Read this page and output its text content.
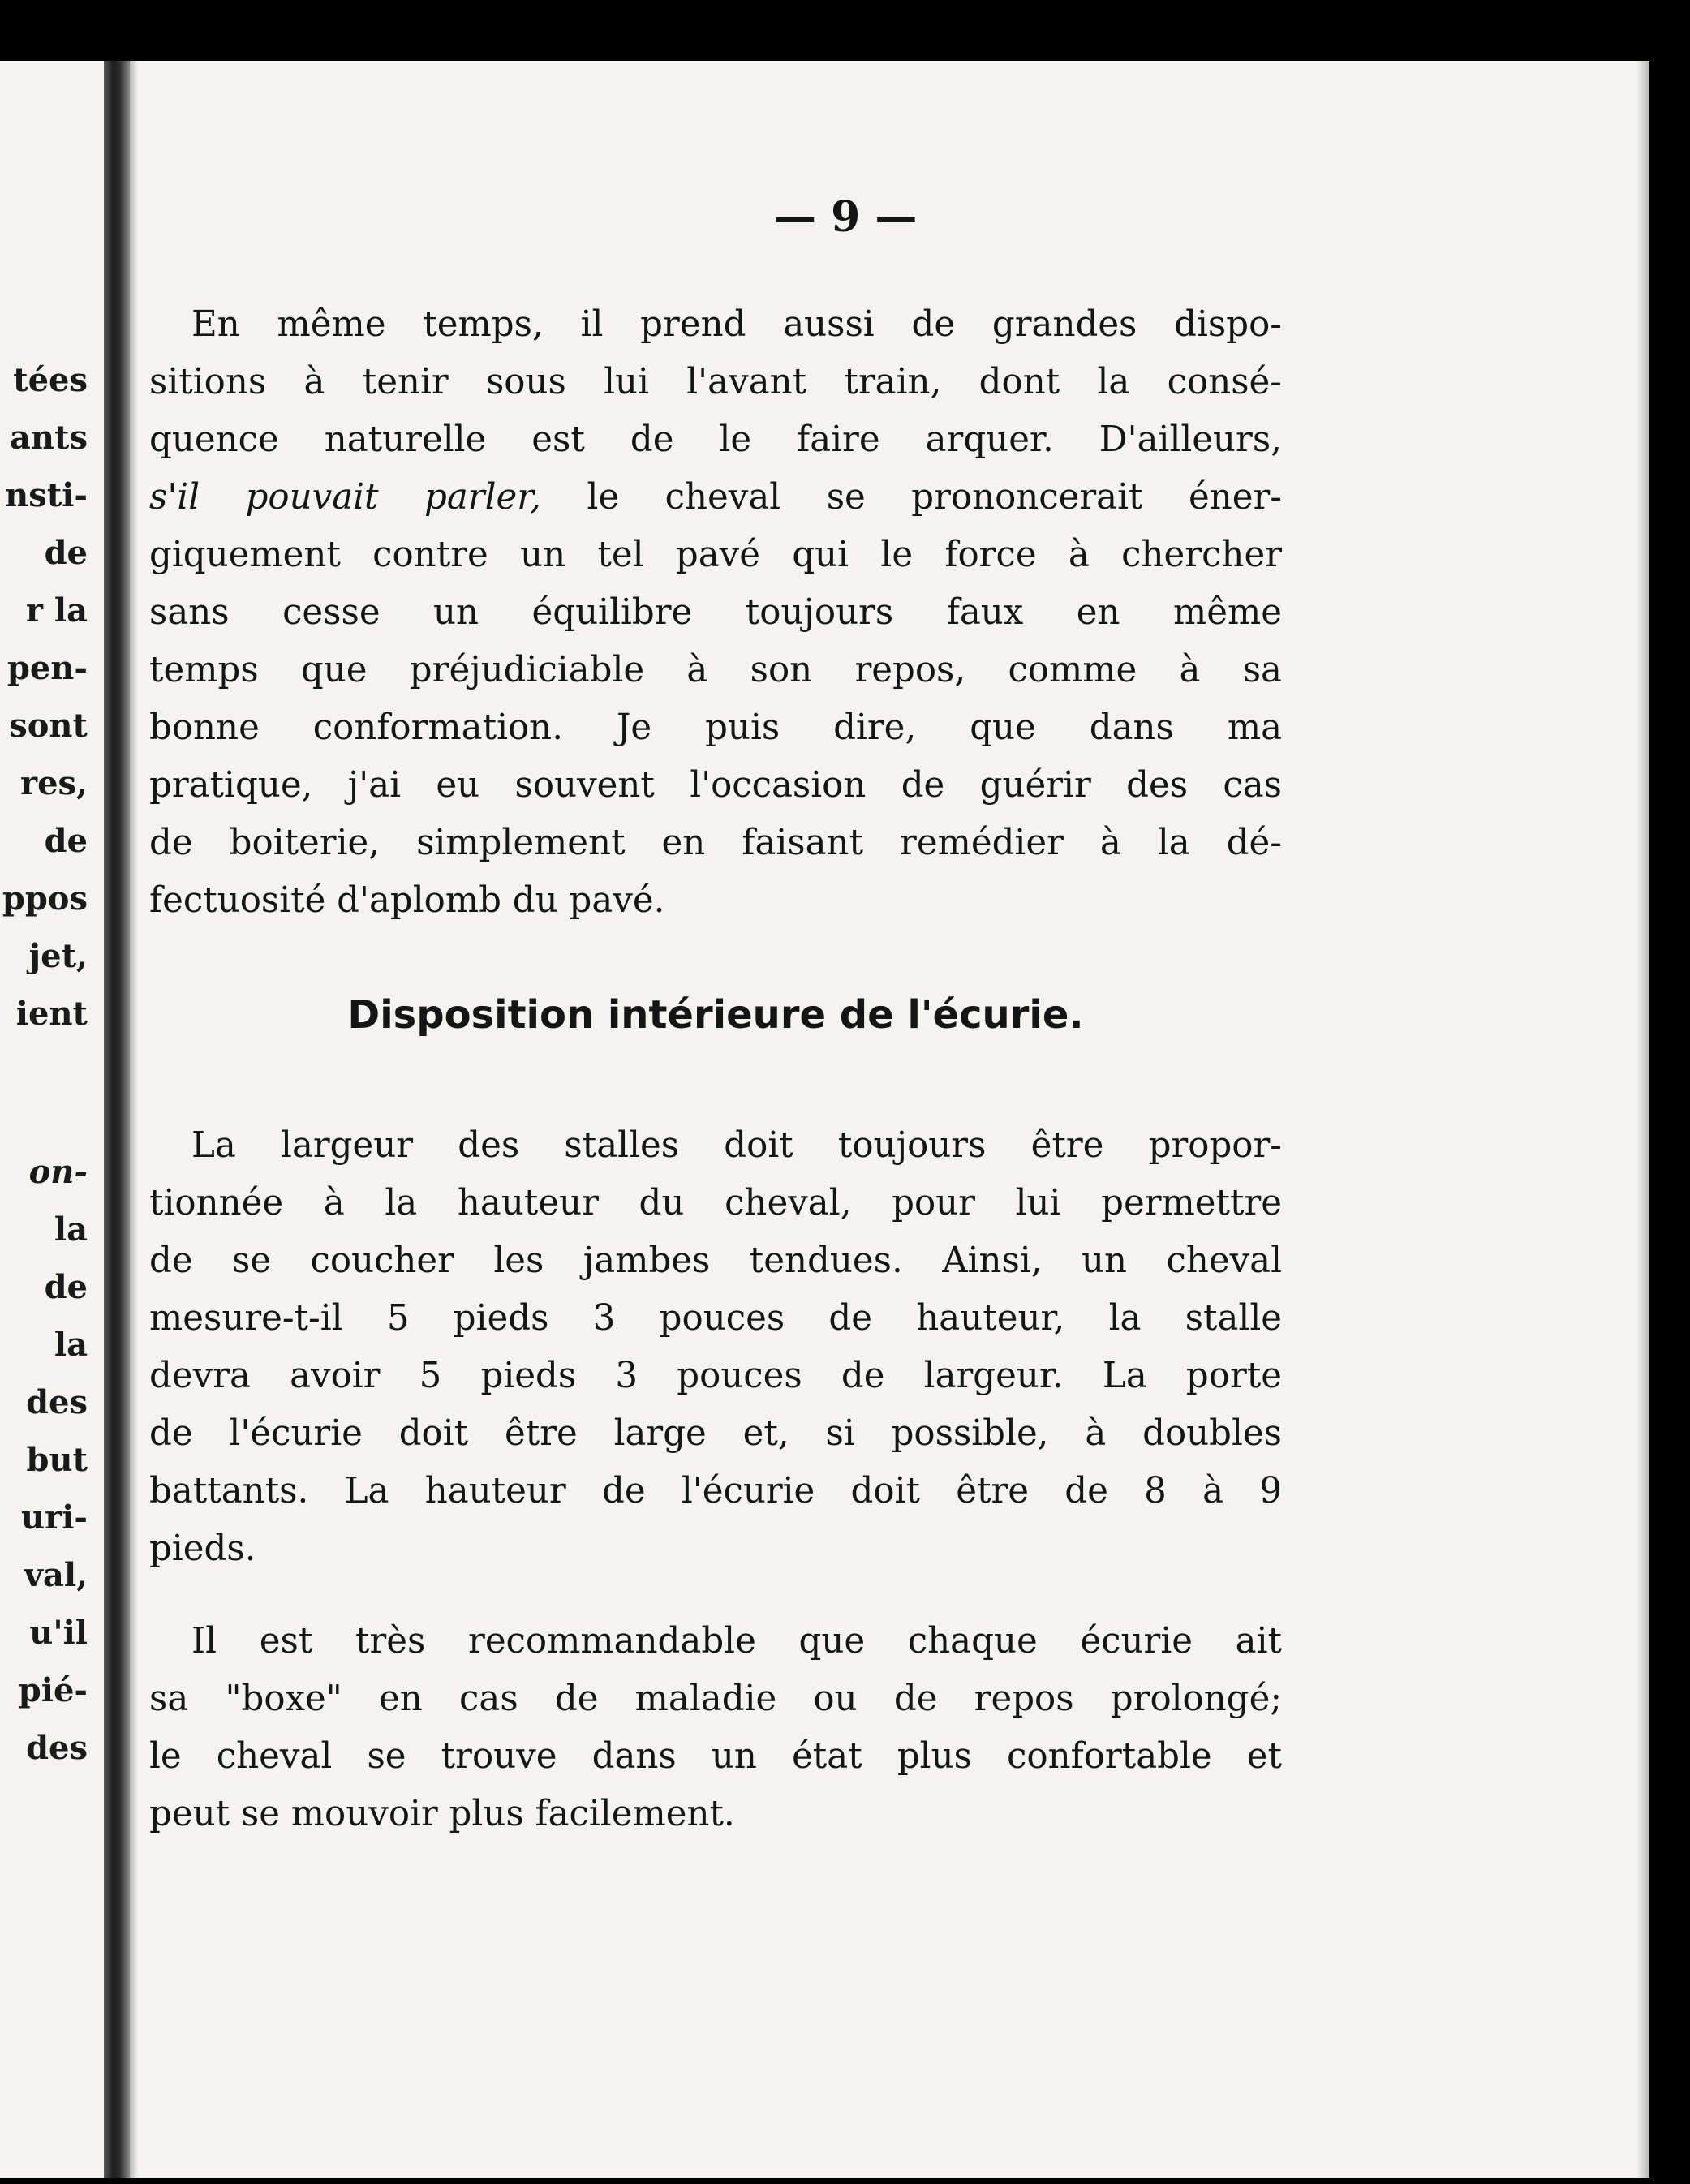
tées
ants
nsti-
de
r la
pen-
sont
res,
de
ppos
jet,
ient
on-
la
de
la
des
but
uri-
val,
u'il
pié-
des
— 9 —
En même temps, il prend aussi de grandes dispo-
sitions à tenir sous lui l'avant train, dont la consé-
quence naturelle est de le faire arquer. D'ailleurs,
s'il pouvait parler, le cheval se prononcerait éner-
giquement contre un tel pavé qui le force à chercher
sans cesse un équilibre toujours faux en même
temps que préjudiciable à son repos, comme à sa
bonne conformation. Je puis dire, que dans ma
pratique, j'ai eu souvent l'occasion de guérir des cas
de boiterie, simplement en faisant remédier à la dé-
fectuosité d'aplomb du pavé.
Disposition intérieure de l'écurie.
La largeur des stalles doit toujours être propor-
tionnée à la hauteur du cheval, pour lui permettre
de se coucher les jambes tendues. Ainsi, un cheval
mesure-t-il 5 pieds 3 pouces de hauteur, la stalle
devra avoir 5 pieds 3 pouces de largeur. La porte
de l'écurie doit être large et, si possible, à doubles
battants. La hauteur de l'écurie doit être de 8 à 9
pieds.
Il est très recommandable que chaque écurie ait
sa "boxe" en cas de maladie ou de repos prolongé;
le cheval se trouve dans un état plus confortable et
peut se mouvoir plus facilement.
